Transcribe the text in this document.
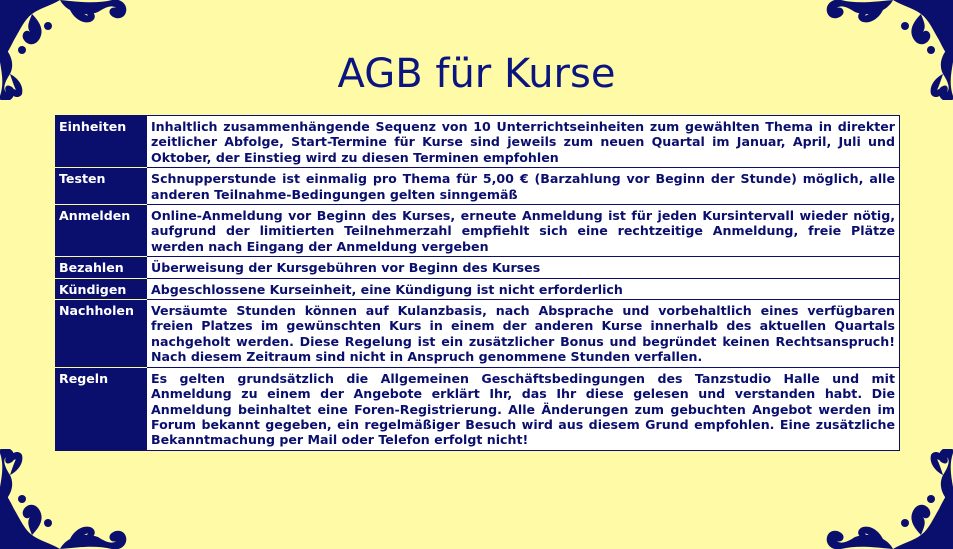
AGB für Kurse
Einheiten	Inhaltlich zusammenhängende Sequenz von 10 Unterrichtseinheiten zum gewählten Thema in direkter zeitlicher Abfolge, Start-Termine für Kurse sind jeweils zum neuen Quartal im Januar, April, Juli und Oktober, der Einstieg wird zu diesen Terminen empfohlen
Testen	Schnupperstunde ist einmalig pro Thema für 5,00 € (Barzahlung vor Beginn der Stunde) möglich, alle anderen Teilnahme-Bedingungen gelten sinngemäß
Anmelden	Online-Anmeldung vor Beginn des Kurses, erneute Anmeldung ist für jeden Kursintervall wieder nötig, aufgrund der limitierten Teilnehmerzahl empfiehlt sich eine rechtzeitige Anmeldung, freie Plätze werden nach Eingang der Anmeldung vergeben
Bezahlen	Überweisung der Kursgebühren vor Beginn des Kurses
Kündigen	Abgeschlossene Kurseinheit, eine Kündigung ist nicht erforderlich
Nachholen	Versäumte Stunden können auf Kulanzbasis, nach Absprache und vorbehaltlich eines verfügbaren freien Platzes im gewünschten Kurs in einem der anderen Kurse innerhalb des aktuellen Quartals nachgeholt werden. Diese Regelung ist ein zusätzlicher Bonus und begründet keinen Rechtsanspruch! Nach diesem Zeitraum sind nicht in Anspruch genommene Stunden verfallen.
Regeln	Es gelten grundsätzlich die Allgemeinen Geschäftsbedingungen des Tanzstudio Halle und mit Anmeldung zu einem der Angebote erklärt Ihr, das Ihr diese gelesen und verstanden habt. Die Anmeldung beinhaltet eine Foren-Registrierung. Alle Änderungen zum gebuchten Angebot werden im Forum bekannt gegeben, ein regelmäßiger Besuch wird aus diesem Grund empfohlen. Eine zusätzliche Bekanntmachung per Mail oder Telefon erfolgt nicht!
